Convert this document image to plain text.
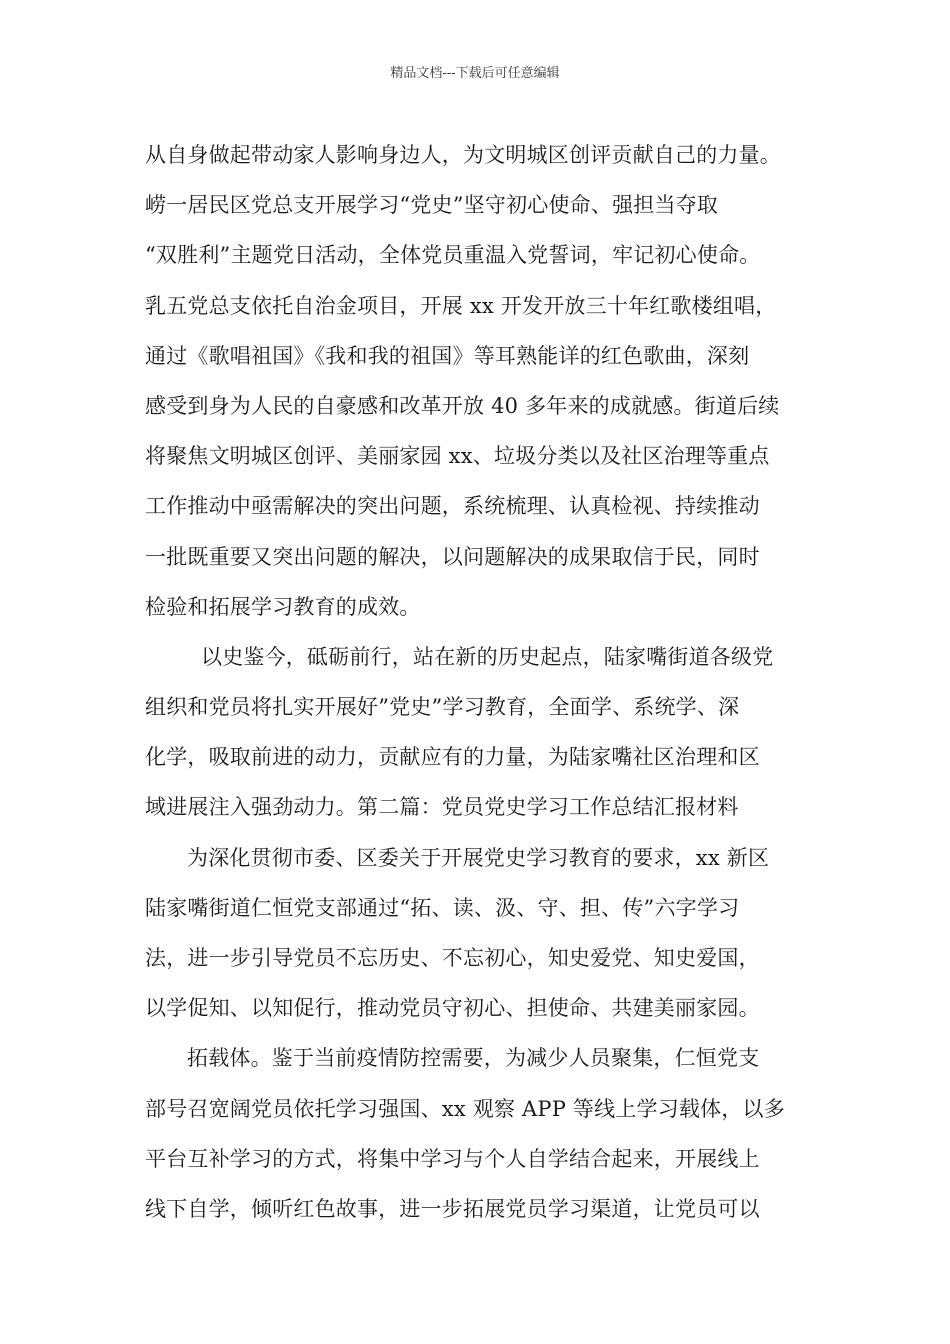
精品文档---下载后可任意编辑
从自身做起带动家人影响身边人，为文明城区创评贡献自己的力量。
崂一居民区党总支开展学习“党史”坚守初心使命、强担当夺取
“双胜利”主题党日活动，全体党员重温入党誓词，牢记初心使命。
乳五党总支依托自治金项目，开展 xx 开发开放三十年红歌楼组唱，
通过《歌唱祖国》《我和我的祖国》等耳熟能详的红色歌曲，深刻
感受到身为人民的自豪感和改革开放 40 多年来的成就感。街道后续
将聚焦文明城区创评、美丽家园 xx、垃圾分类以及社区治理等重点
工作推动中亟需解决的突出问题，系统梳理、认真检视、持续推动
一批既重要又突出问题的解决，以问题解决的成果取信于民，同时
检验和拓展学习教育的成效。
以史鉴今，砥砺前行，站在新的历史起点，陆家嘴街道各级党
组织和党员将扎实开展好”党史”学习教育，全面学、系统学、深
化学，吸取前进的动力，贡献应有的力量，为陆家嘴社区治理和区
域进展注入强劲动力。第二篇：党员党史学习工作总结汇报材料
为深化贯彻市委、区委关于开展党史学习教育的要求，xx 新区
陆家嘴街道仁恒党支部通过“拓、读、汲、守、担、传”六字学习
法，进一步引导党员不忘历史、不忘初心，知史爱党、知史爱国，
以学促知、以知促行，推动党员守初心、担使命、共建美丽家园。
拓载体。鉴于当前疫情防控需要，为减少人员聚集，仁恒党支
部号召宽阔党员依托学习强国、xx 观察 APP 等线上学习载体，以多
平台互补学习的方式，将集中学习与个人自学结合起来，开展线上
线下自学，倾听红色故事，进一步拓展党员学习渠道，让党员可以
